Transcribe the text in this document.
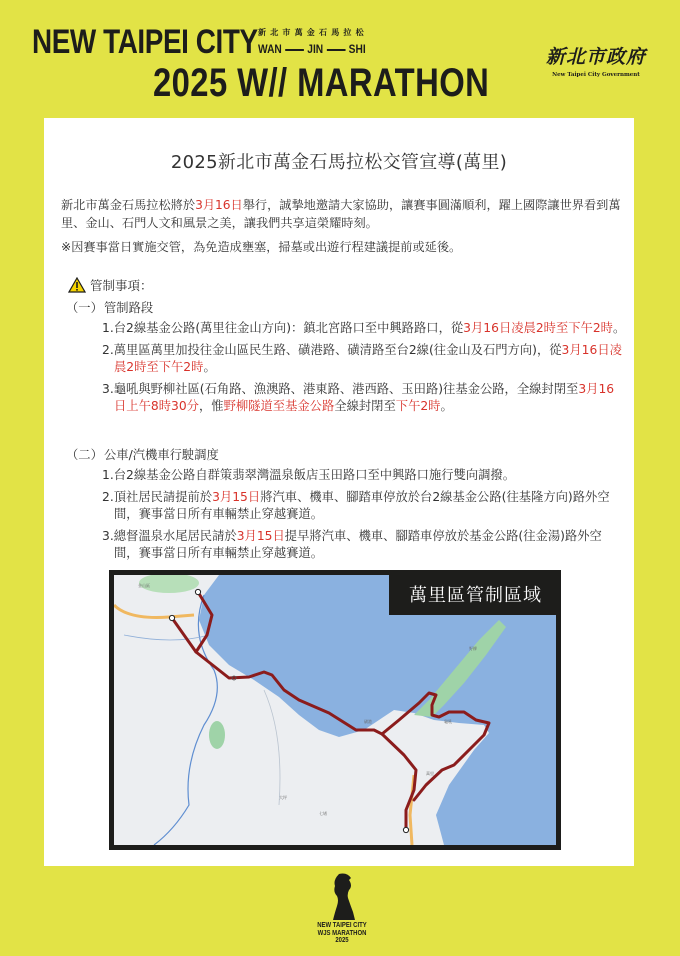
NEW TAIPEI CITY 新北市萬金石馬拉松
WAN JIN SHI
2025 W// MARATHON
新北市政府
New Taipei City Government
2025新北市萬金石馬拉松交管宣導(萬里)

新北市萬金石馬拉松將於3月16日舉行，誠摯地邀請大家協助，讓賽事圓滿順利，躍上國際讓世界看到萬里、金山、石門人文和風景之美，讓我們共享這榮耀時刻。

※因賽事當日實施交管，為免造成壅塞，掃墓或出遊行程建議提前或延後。

管制事項：
（一）管制路段
1.台2線基金公路(萬里往金山方向)：鎮北宮路口至中興路路口，從3月16日凌晨2時至下午2時。
2.萬里區萬里加投往金山區民生路、磺港路、磺清路至台2線(往金山及石門方向)，從3月16日凌晨2時至下午2時。
3.龜吼與野柳社區(石角路、漁澳路、港東路、港西路、玉田路)往基金公路，全線封閉至3月16日上午8時30分，惟野柳隧道至基金公路全線封閉至下午2時。
（二）公車/汽機車行駛調度
1.台2線基金公路自群策翡翠灣溫泉飯店玉田路口至中興路口施行雙向調撥。
2.頂社居民請提前於3月15日將汽車、機車、腳踏車停放於台2線基金公路(往基隆方向)路外空間，賽事當日所有車輛禁止穿越賽道。
3.總督溫泉水尾居民請於3月15日提早將汽車、機車、腳踏車停放於基金公路(往金湯)路外空間，賽事當日所有車輛禁止穿越賽道。
金山區
磺港
野柳
龜吼
萬里
大坪
七堵
萬里區管制區域
NEW TAIPEI CITY
WJS MARATHON
2025
